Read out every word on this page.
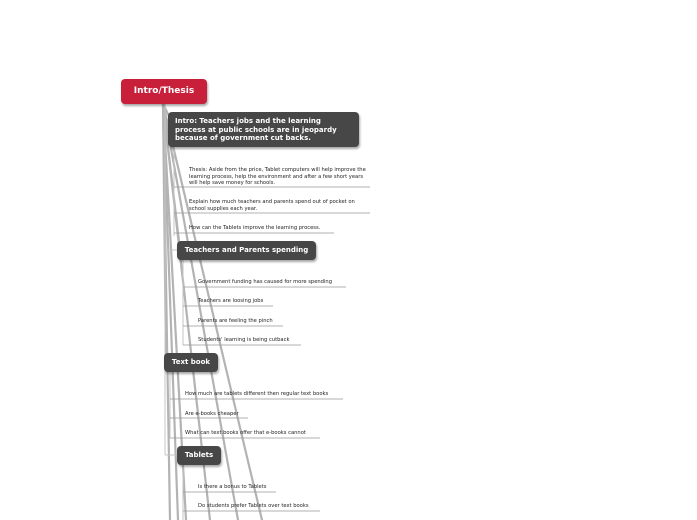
Intro/Thesis
Intro: Teachers jobs and the learning process at public schools are in jeopardy because of government cut backs.
Thesis: Aside from the price, Tablet computers will help improve the learning process, help the environment and after a few short years will help save money for schools.
Explain how much teachers and parents spend out of pocket on school supplies each year.
How can the Tablets improve the learning process.
Teachers and Parents spending
Government funding has caused for more spending
Teachers are loosing jobs
Parents are feeling the pinch
Students' learning is being cutback
Text book
How much are tablets different then regular text books
Are e-books cheaper
What can text books offer that e-books cannot
Tablets
Is there a bonus to Tablets
Do students prefer Tablets over text books
